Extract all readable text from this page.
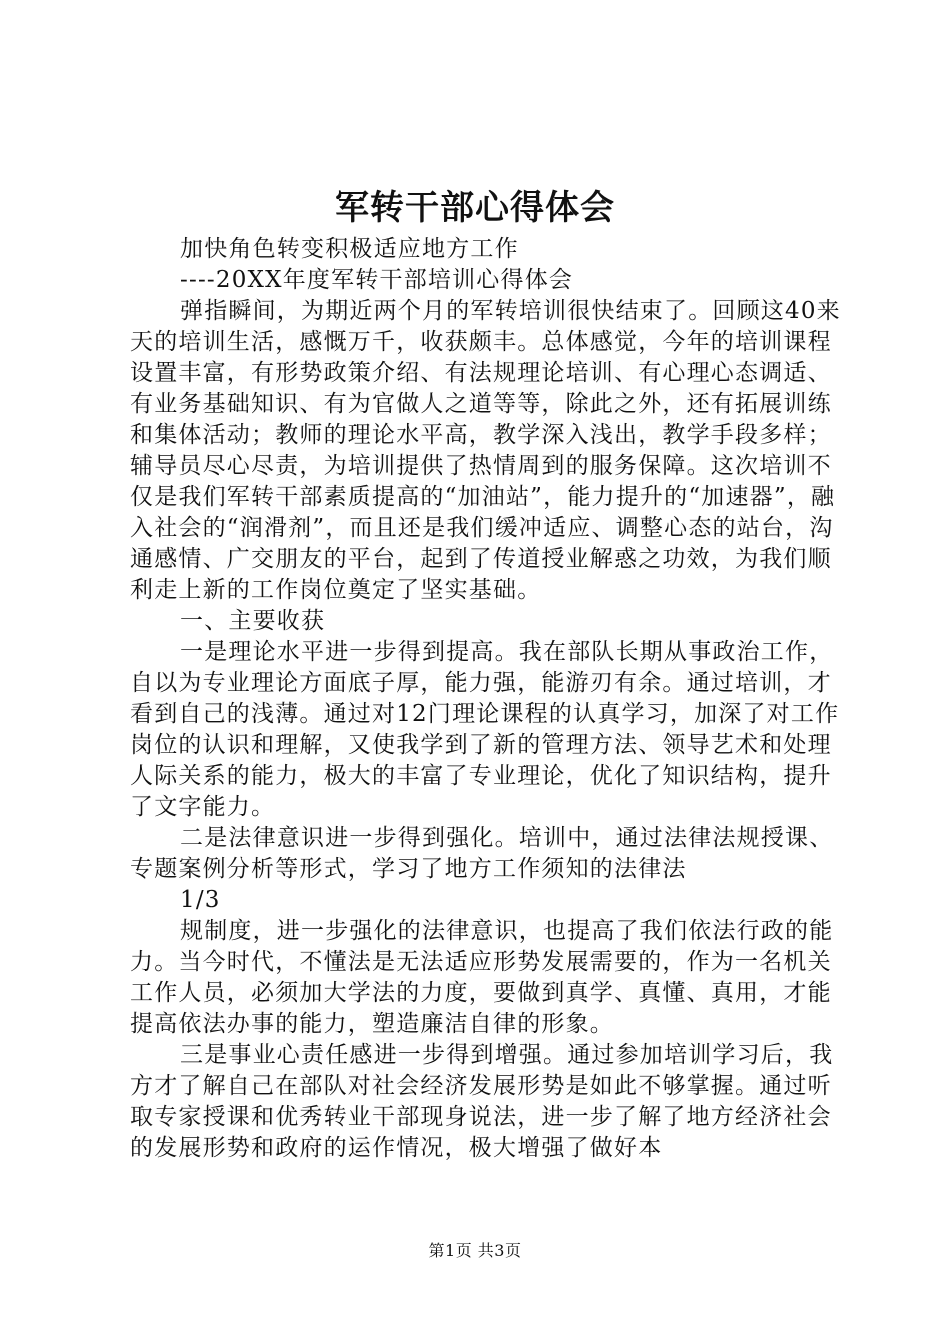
军转干部心得体会

加快角色转变积极适应地方工作

----20XX年度军转干部培训心得体会

弹指瞬间，为期近两个月的军转培训很快结束了。回顾这40来天的培训生活，感慨万千，收获颇丰。总体感觉，今年的培训课程设置丰富，有形势政策介绍、有法规理论培训、有心理心态调适、有业务基础知识、有为官做人之道等等，除此之外，还有拓展训练和集体活动；教师的理论水平高，教学深入浅出，教学手段多样；辅导员尽心尽责，为培训提供了热情周到的服务保障。这次培训不仅是我们军转干部素质提高的“加油站”，能力提升的“加速器”，融入社会的“润滑剂”，而且还是我们缓冲适应、调整心态的站台，沟通感情、广交朋友的平台，起到了传道授业解惑之功效，为我们顺利走上新的工作岗位奠定了坚实基础。

一、主要收获

一是理论水平进一步得到提高。我在部队长期从事政治工作，自以为专业理论方面底子厚，能力强，能游刃有余。通过培训，才看到自己的浅薄。通过对12门理论课程的认真学习，加深了对工作岗位的认识和理解，又使我学到了新的管理方法、领导艺术和处理人际关系的能力，极大的丰富了专业理论，优化了知识结构，提升了文字能力。

二是法律意识进一步得到强化。培训中，通过法律法规授课、专题案例分析等形式，学习了地方工作须知的法律法

1/3

规制度，进一步强化的法律意识，也提高了我们依法行政的能力。当今时代，不懂法是无法适应形势发展需要的，作为一名机关工作人员，必须加大学法的力度，要做到真学、真懂、真用，才能提高依法办事的能力，塑造廉洁自律的形象。

三是事业心责任感进一步得到增强。通过参加培训学习后，我方才了解自己在部队对社会经济发展形势是如此不够掌握。通过听取专家授课和优秀转业干部现身说法，进一步了解了地方经济社会的发展形势和政府的运作情况，极大增强了做好本

第1页 共3页
